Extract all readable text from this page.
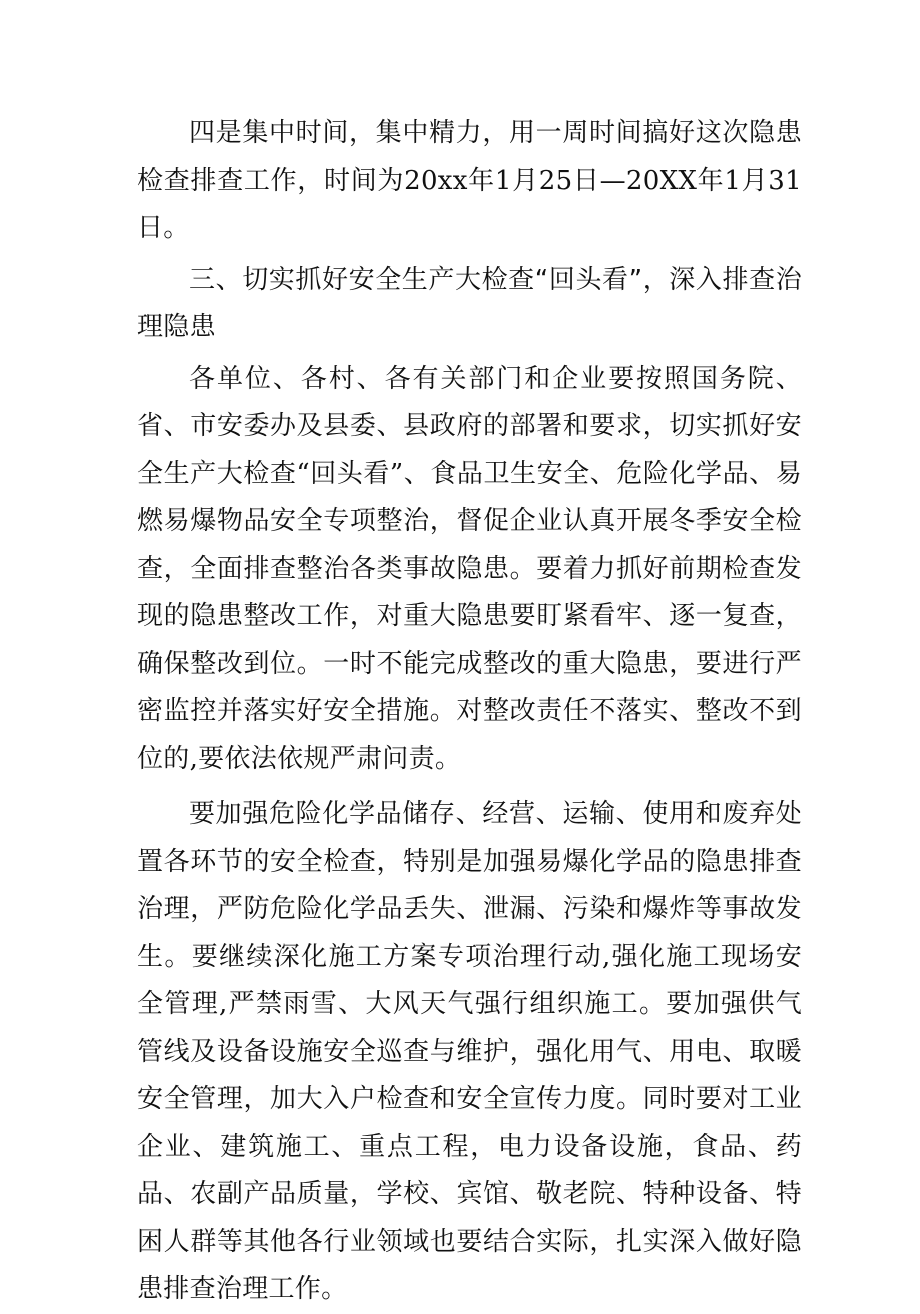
四是集中时间，集中精力，用一周时间搞好这次隐患检查排查工作，时间为20xx年1月25日—20XX年1月31日。

三、切实抓好安全生产大检查“回头看”，深入排查治理隐患

各单位、各村、各有关部门和企业要按照国务院、省、市安委办及县委、县政府的部署和要求，切实抓好安全生产大检查“回头看”、食品卫生安全、危险化学品、易燃易爆物品安全专项整治，督促企业认真开展冬季安全检查，全面排查整治各类事故隐患。要着力抓好前期检查发现的隐患整改工作，对重大隐患要盯紧看牢、逐一复查，确保整改到位。一时不能完成整改的重大隐患，要进行严密监控并落实好安全措施。对整改责任不落实、整改不到位的,要依法依规严肃问责。

要加强危险化学品储存、经营、运输、使用和废弃处置各环节的安全检查，特别是加强易爆化学品的隐患排查治理，严防危险化学品丢失、泄漏、污染和爆炸等事故发生。要继续深化施工方案专项治理行动,强化施工现场安全管理,严禁雨雪、大风天气强行组织施工。要加强供气管线及设备设施安全巡查与维护，强化用气、用电、取暖安全管理，加大入户检查和安全宣传力度。同时要对工业企业、建筑施工、重点工程，电力设备设施，食品、药品、农副产品质量，学校、宾馆、敬老院、特种设备、特困人群等其他各行业领域也要结合实际，扎实深入做好隐患排查治理工作。
